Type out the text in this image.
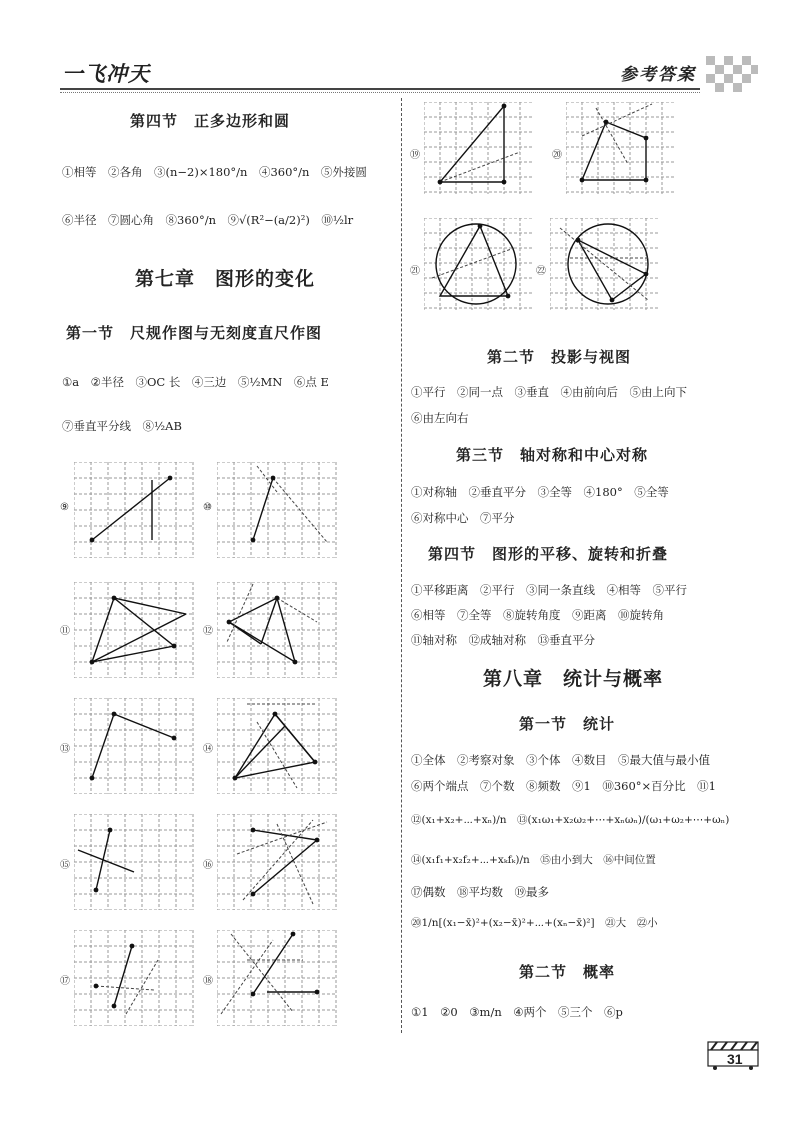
一飞冲天	参考答案
第四节　正多边形和圆
①相等　②各角　③(n−2)×180°/n　④360°/n　⑤外接圆
⑥半径　⑦圆心角　⑧360°/n　⑨√(R²−(a/2)²)　⑩½lr
第七章　图形的变化
第一节　尺规作图与无刻度直尺作图
①a　②半径　③OC 长　④三边　⑤½MN　⑥点 E
⑦垂直平分线　⑧½AB
⑨	⑩
⑪	⑫
⑬	⑭
⑮	⑯
⑰	⑱
⑲	⑳
㉑	㉒
第二节　投影与视图
①平行　②同一点　③垂直　④由前向后　⑤由上向下
⑥由左向右
第三节　轴对称和中心对称
①对称轴　②垂直平分　③全等　④180°　⑤全等
⑥对称中心　⑦平分
第四节　图形的平移、旋转和折叠
①平移距离　②平行　③同一条直线　④相等　⑤平行
⑥相等　⑦全等　⑧旋转角度　⑨距离　⑩旋转角
⑪轴对称　⑫成轴对称　⑬垂直平分
第八章　统计与概率
第一节　统计
①全体　②考察对象　③个体　④数目　⑤最大值与最小值
⑥两个端点　⑦个数　⑧频数　⑨1　⑩360°×百分比　⑪1
⑫(x₁+x₂+⋯+xₙ)/n　⑬(x₁ω₁+x₂ω₂+⋯+xₙωₙ)/(ω₁+ω₂+⋯+ωₙ)
⑭(x₁f₁+x₂f₂+⋯+xₖfₖ)/n　⑮由小到大　⑯中间位置
⑰偶数　⑱平均数　⑲最多
⑳1/n[(x₁−x̄)²+(x₂−x̄)²+⋯+(xₙ−x̄)²]　㉑大　㉒小
第二节　概率
①1　②0　③m/n　④两个　⑤三个　⑥p
31
